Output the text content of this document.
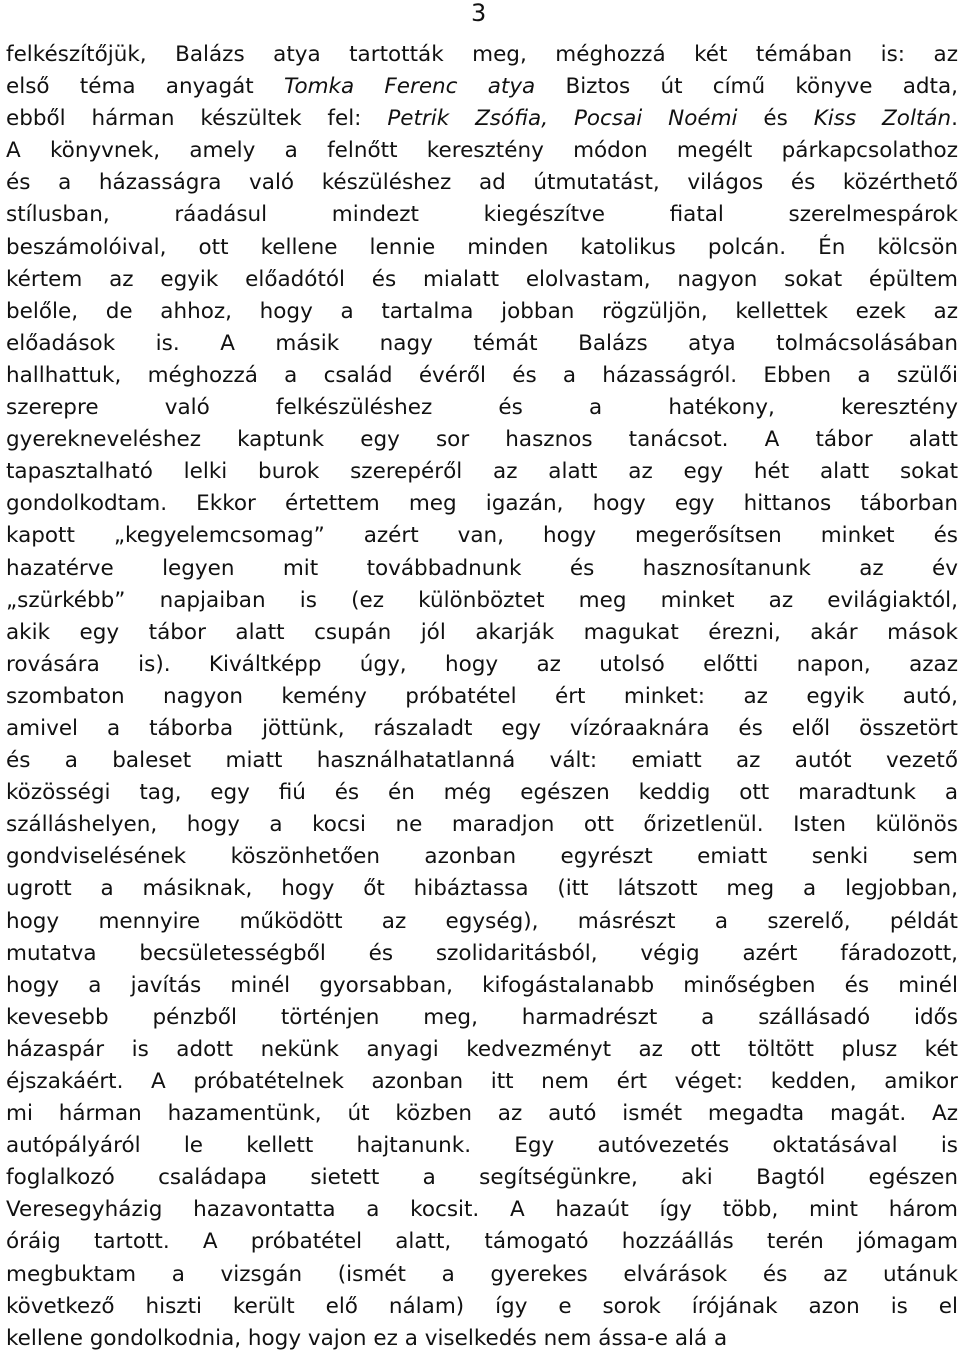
3
felkészítőjük, Balázs atya tartották meg, méghozzá két témában is: az
első téma anyagát Tomka Ferenc atya Biztos út című könyve adta,
ebből hárman készültek fel: Petrik Zsófia, Pocsai Noémi és Kiss Zoltán.
A könyvnek, amely a felnőtt keresztény módon megélt párkapcsolathoz
és a házasságra való készüléshez ad útmutatást, világos és közérthető
stílusban, ráadásul mindezt kiegészítve fiatal szerelmespárok
beszámolóival, ott kellene lennie minden katolikus polcán. Én kölcsön
kértem az egyik előadótól és mialatt elolvastam, nagyon sokat épültem
belőle, de ahhoz, hogy a tartalma jobban rögzüljön, kellettek ezek az
előadások is. A másik nagy témát Balázs atya tolmácsolásában
hallhattuk, méghozzá a család évéről és a házasságról. Ebben a szülői
szerepre való felkészüléshez és a hatékony, keresztény
gyerekneveléshez kaptunk egy sor hasznos tanácsot. A tábor alatt
tapasztalható lelki burok szerepéről az alatt az egy hét alatt sokat
gondolkodtam. Ekkor értettem meg igazán, hogy egy hittanos táborban
kapott „kegyelemcsomag” azért van, hogy megerősítsen minket és
hazatérve legyen mit továbbadnunk és hasznosítanunk az év
„szürkébb” napjaiban is (ez különböztet meg minket az evilágiaktól,
akik egy tábor alatt csupán jól akarják magukat érezni, akár mások
rovására is). Kiváltképp úgy, hogy az utolsó előtti napon, azaz
szombaton nagyon kemény próbatétel ért minket: az egyik autó,
amivel a táborba jöttünk, rászaladt egy vízóraaknára és elől összetört
és a baleset miatt használhatatlanná vált: emiatt az autót vezető
közösségi tag, egy fiú és én még egészen keddig ott maradtunk a
szálláshelyen, hogy a kocsi ne maradjon ott őrizetlenül. Isten különös
gondviselésének köszönhetően azonban egyrészt emiatt senki sem
ugrott a másiknak, hogy őt hibáztassa (itt látszott meg a legjobban,
hogy mennyire működött az egység), másrészt a szerelő, példát
mutatva becsületességből és szolidaritásból, végig azért fáradozott,
hogy a javítás minél gyorsabban, kifogástalanabb minőségben és minél
kevesebb pénzből történjen meg, harmadrészt a szállásadó idős
házaspár is adott nekünk anyagi kedvezményt az ott töltött plusz két
éjszakáért. A próbatételnek azonban itt nem ért véget: kedden, amikor
mi hárman hazamentünk, út közben az autó ismét megadta magát. Az
autópályáról le kellett hajtanunk. Egy autóvezetés oktatásával is
foglalkozó családapa sietett a segítségünkre, aki Bagtól egészen
Veresegyházig hazavontatta a kocsit. A hazaút így több, mint három
óráig tartott. A próbatétel alatt, támogató hozzáállás terén jómagam
megbuktam a vizsgán (ismét a gyerekes elvárások és az utánuk
következő hiszti került elő nálam) így e sorok írójának azon is el
kellene gondolkodnia, hogy vajon ez a viselkedés nem ássa-e alá a
